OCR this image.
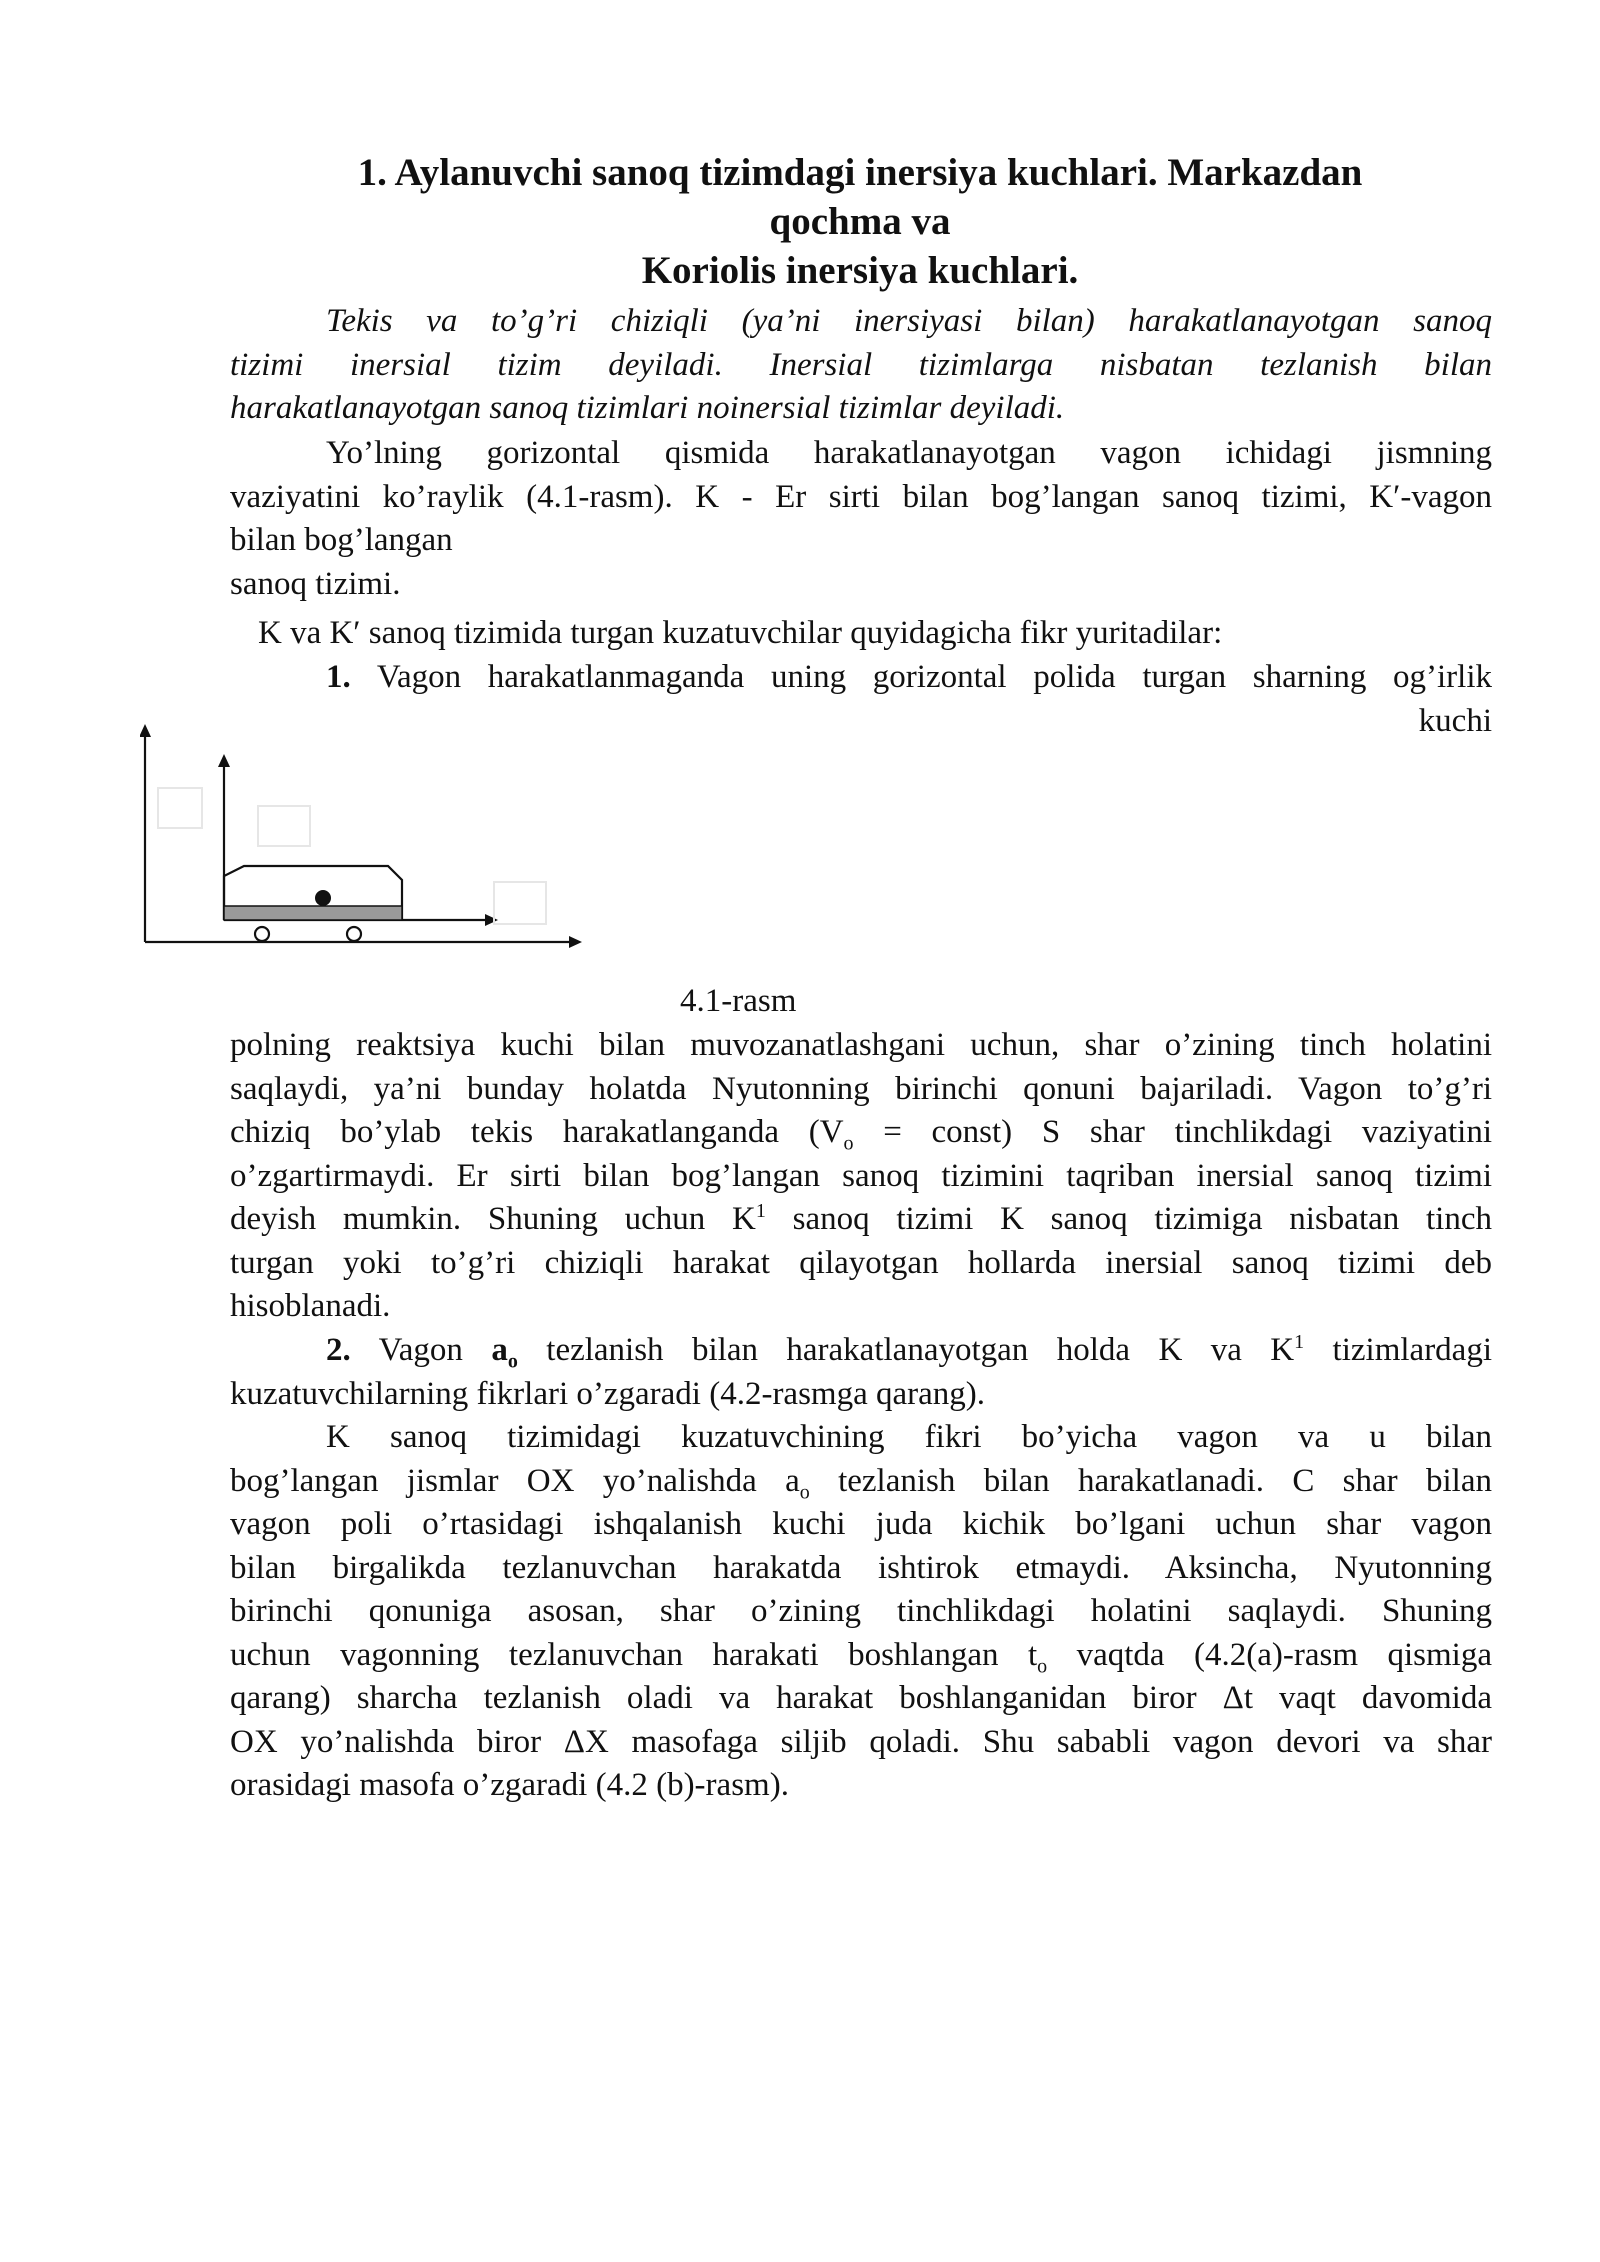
1. Aylanuvchi sanoq tizimdagi inersiya kuchlari. Markazdan
qochma va
Koriolis inersiya kuchlari.
Tekis va to’g’ri chiziqli (ya’ni inersiyasi bilan) harakatlanayotgan sanoq
tizimi inersial tizim deyiladi. Inersial tizimlarga nisbatan tezlanish bilan
harakatlanayotgan sanoq tizimlari noinersial tizimlar deyiladi.
Yo’lning gorizontal qismida harakatlanayotgan vagon ichidagi jismning
vaziyatini ko’raylik (4.1-rasm). K - Er sirti bilan bog’langan sanoq tizimi, K′-vagon
bilan bog’langan
sanoq tizimi.
K va K′ sanoq tizimida turgan kuzatuvchilar quyidagicha fikr yuritadilar:
1. Vagon harakatlanmaganda uning gorizontal polida turgan sharning og’irlik
kuchi
4.1-rasm
polning reaktsiya kuchi bilan muvozanatlashgani uchun, shar o’zining tinch holatini
saqlaydi, ya’ni bunday holatda Nyutonning birinchi qonuni bajariladi. Vagon to’g’ri
chiziq bo’ylab tekis harakatlanganda ($V_o$ = const) S shar tinchlikdagi vaziyatini
o’zgartirmaydi. Er sirti bilan bog’langan sanoq tizimini taqriban inersial sanoq tizimi
deyish mumkin. Shuning uchun $K^1$ sanoq tizimi K sanoq tizimiga nisbatan tinch
turgan yoki to’g’ri chiziqli harakat qilayotgan hollarda inersial sanoq tizimi deb
hisoblanadi.
2. Vagon $a_o$ tezlanish bilan harakatlanayotgan holda K va $K^1$ tizimlardagi
kuzatuvchilarning fikrlari o’zgaradi (4.2-rasmga qarang).
K sanoq tizimidagi kuzatuvchining fikri bo’yicha vagon va u bilan
bog’langan jismlar OX yo’nalishda $a_o$ tezlanish bilan harakatlanadi. C shar bilan
vagon poli o’rtasidagi ishqalanish kuchi juda kichik bo’lgani uchun shar vagon
bilan birgalikda tezlanuvchan harakatda ishtirok etmaydi. Aksincha, Nyutonning
birinchi qonuniga asosan, shar o’zining tinchlikdagi holatini saqlaydi. Shuning
uchun vagonning tezlanuvchan harakati boshlangan $t_o$ vaqtda (4.2(a)-rasm qismiga
qarang) sharcha tezlanish oladi va harakat boshlanganidan biror Δt vaqt davomida
OX yo’nalishda biror ΔX masofaga siljib qoladi. Shu sababli vagon devori va shar
orasidagi masofa o’zgaradi (4.2 (b)-rasm).
